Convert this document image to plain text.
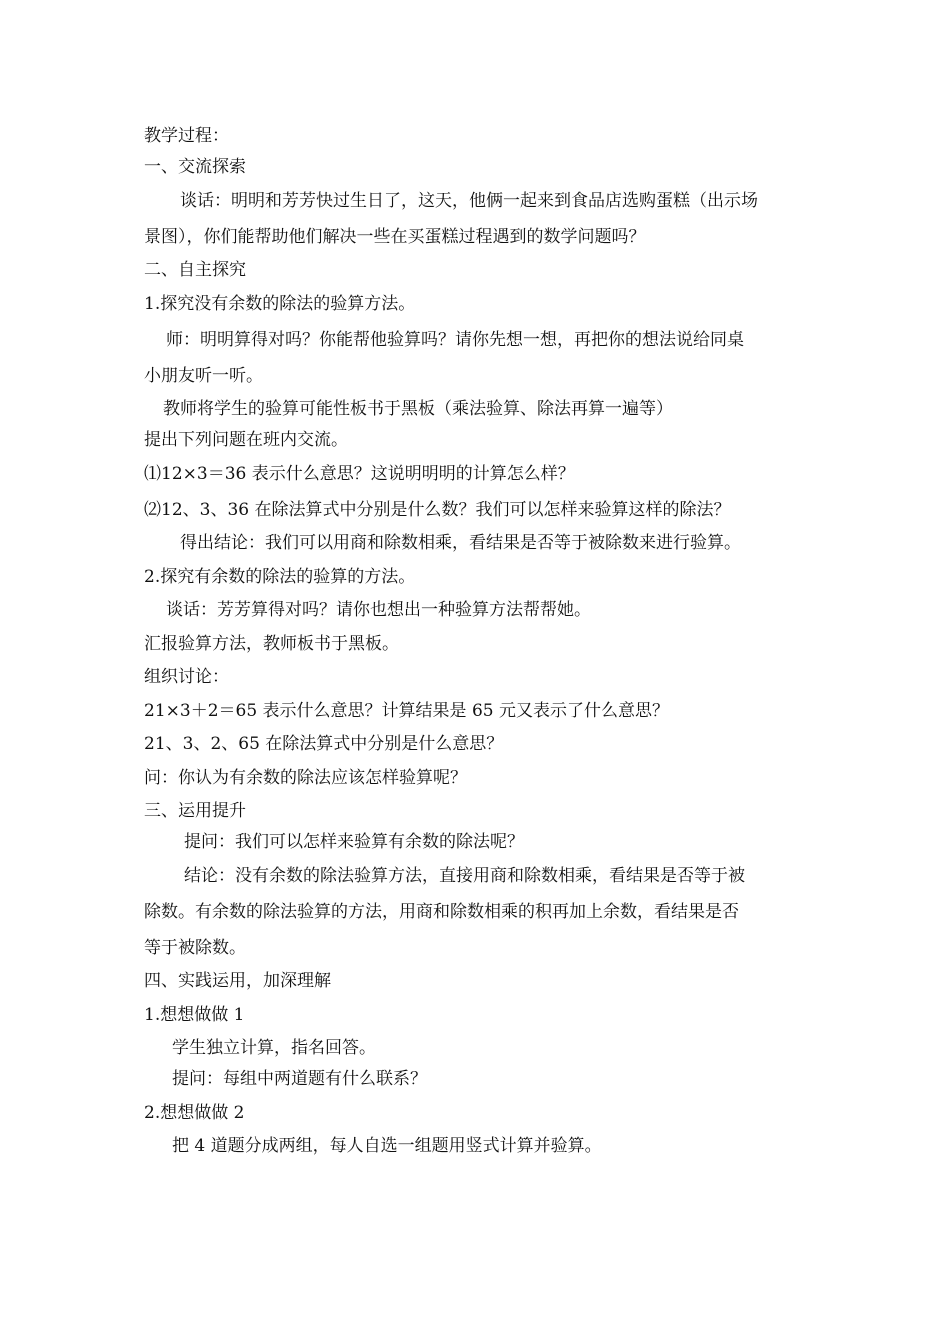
教学过程：
一、交流探索
谈话：明明和芳芳快过生日了，这天，他俩一起来到食品店选购蛋糕（出示场
景图），你们能帮助他们解决一些在买蛋糕过程遇到的数学问题吗？
二、自主探究
1.探究没有余数的除法的验算方法。
师：明明算得对吗？你能帮他验算吗？请你先想一想，再把你的想法说给同桌
小朋友听一听。
教师将学生的验算可能性板书于黑板（乘法验算、除法再算一遍等）
提出下列问题在班内交流。
⑴12×3＝36 表示什么意思？这说明明明的计算怎么样？
⑵12、3、36 在除法算式中分别是什么数？我们可以怎样来验算这样的除法？
得出结论：我们可以用商和除数相乘，看结果是否等于被除数来进行验算。
2.探究有余数的除法的验算的方法。
谈话：芳芳算得对吗？请你也想出一种验算方法帮帮她。
汇报验算方法，教师板书于黑板。
组织讨论：
21×3＋2＝65 表示什么意思？计算结果是 65 元又表示了什么意思？
21、3、2、65 在除法算式中分别是什么意思？
问：你认为有余数的除法应该怎样验算呢？
三、运用提升
提问：我们可以怎样来验算有余数的除法呢？
结论：没有余数的除法验算方法，直接用商和除数相乘，看结果是否等于被
除数。有余数的除法验算的方法，用商和除数相乘的积再加上余数，看结果是否
等于被除数。
四、实践运用，加深理解
1.想想做做 1
学生独立计算，指名回答。
提问：每组中两道题有什么联系？
2.想想做做 2
把 4 道题分成两组，每人自选一组题用竖式计算并验算。
